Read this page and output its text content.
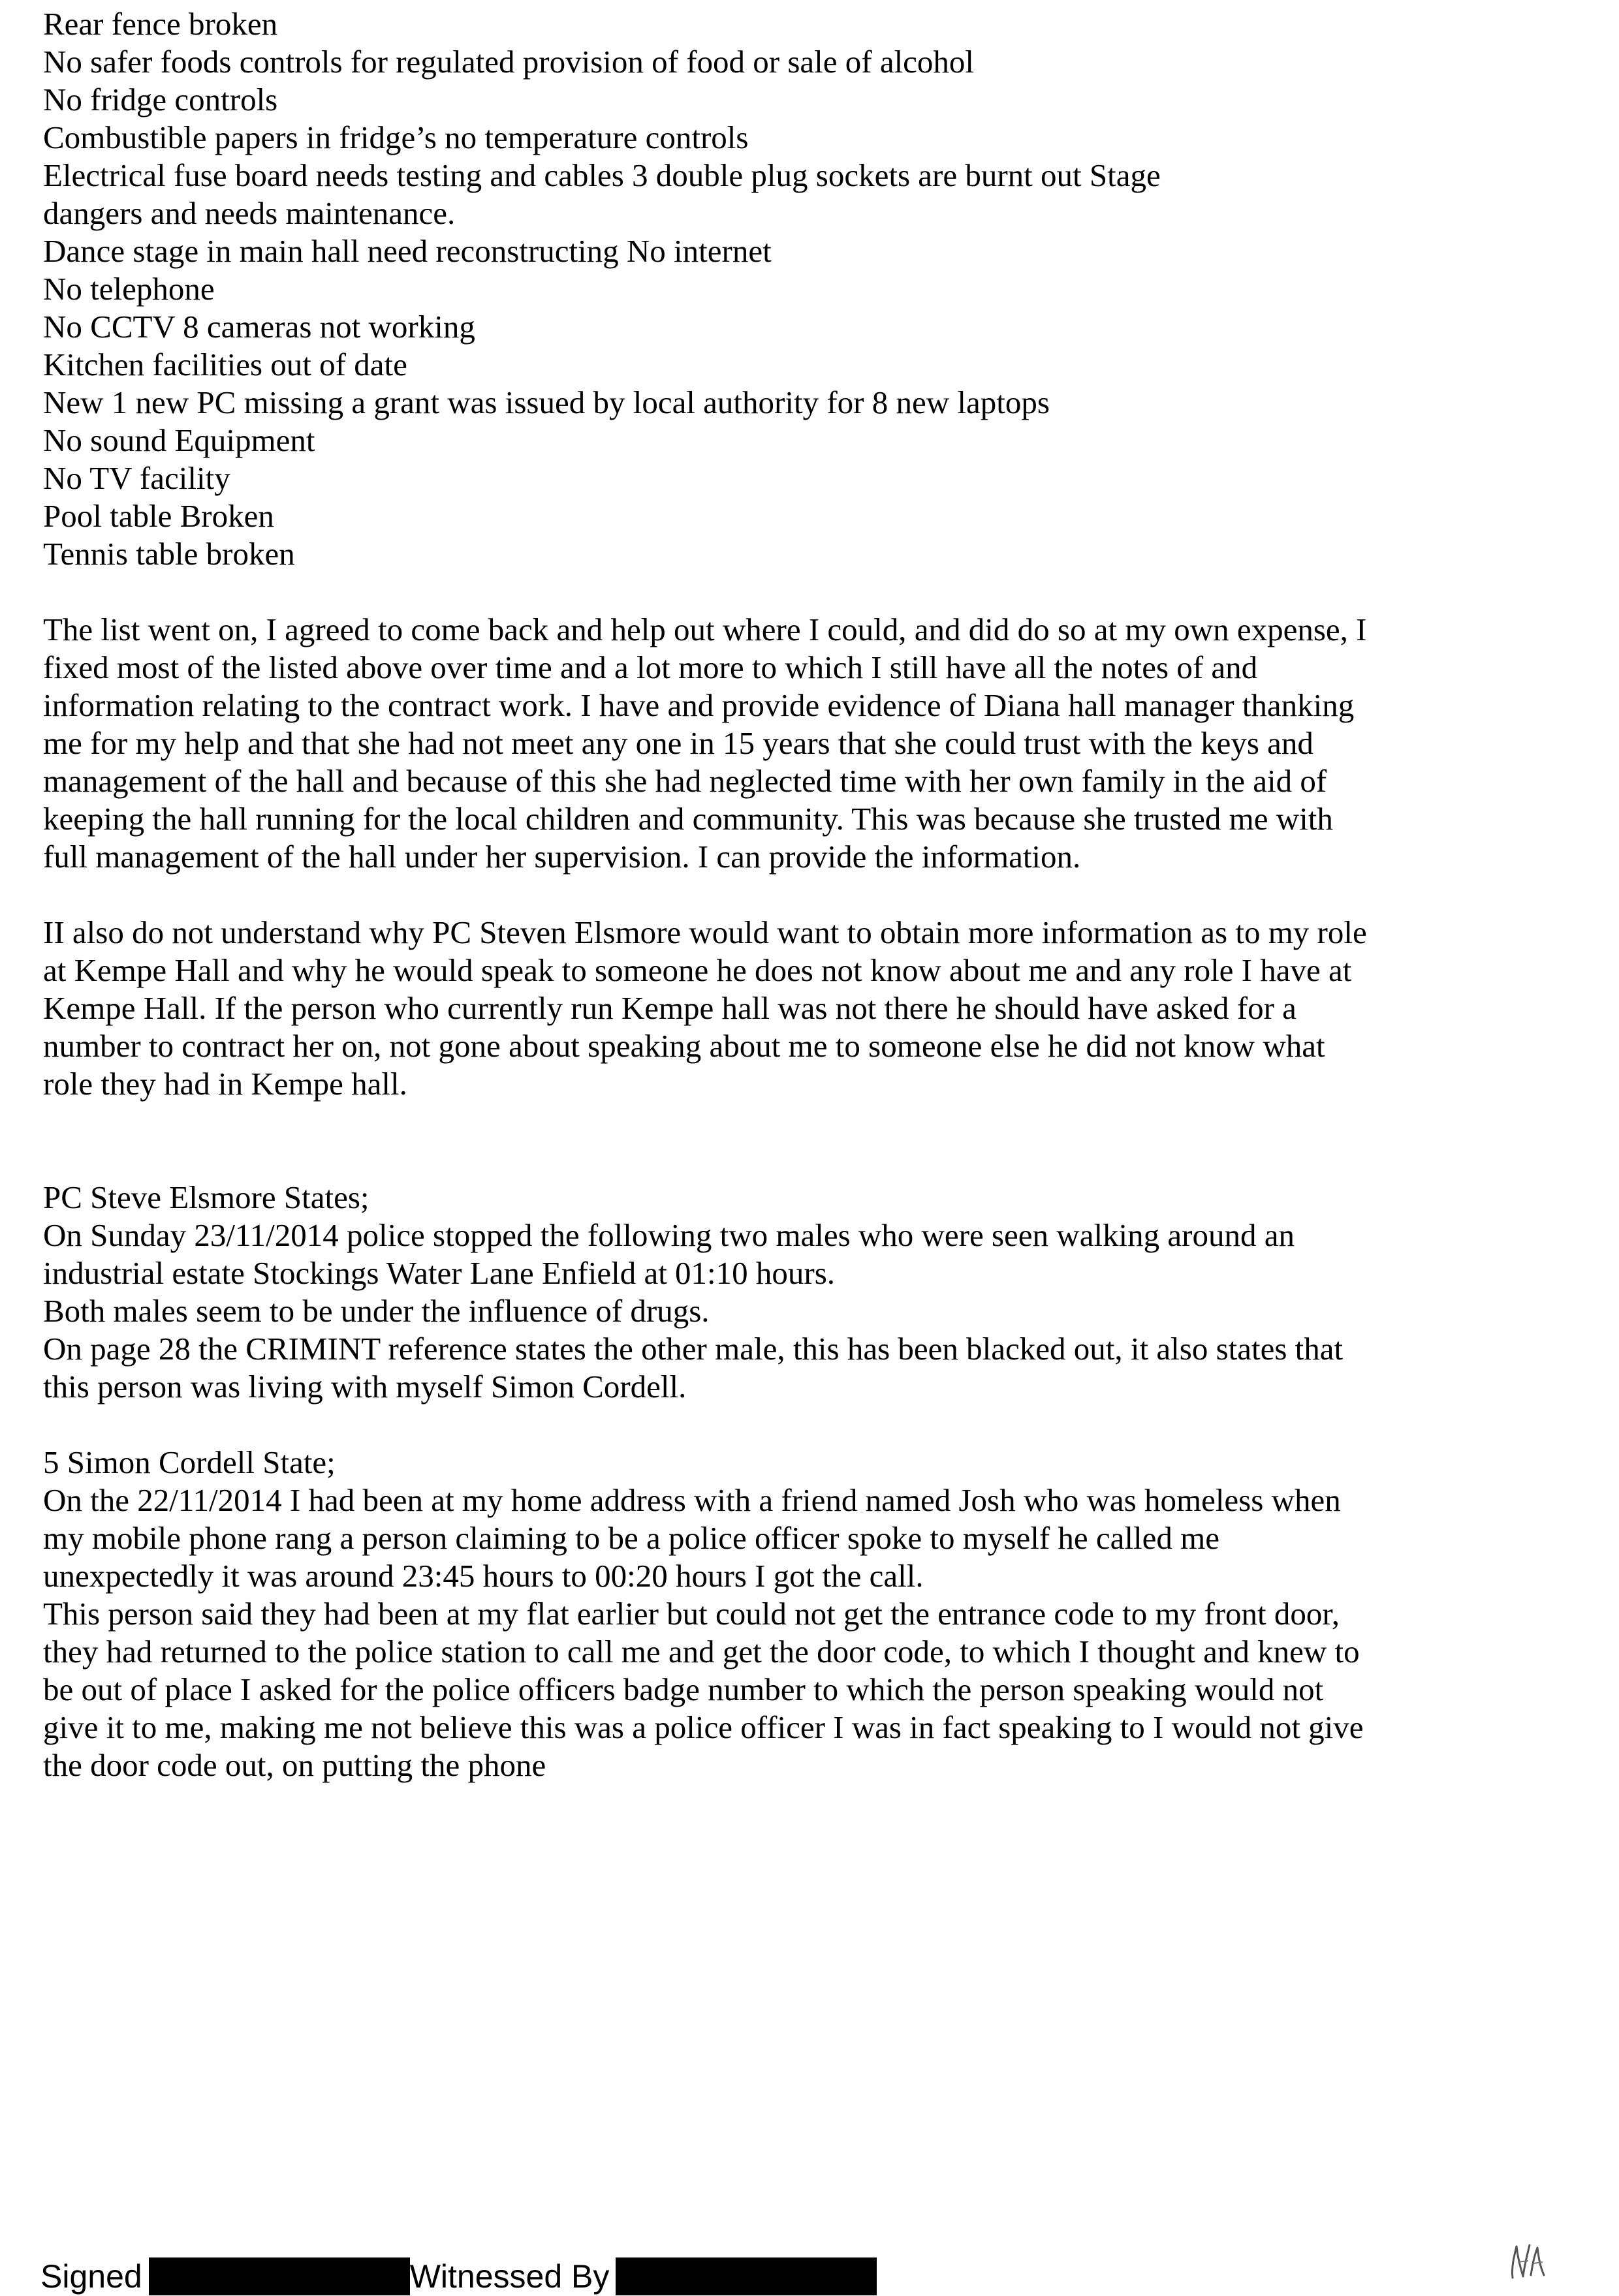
Rear fence broken
No safer foods controls for regulated provision of food or sale of alcohol
No fridge controls
Combustible papers in fridge’s no temperature controls
Electrical fuse board needs testing and cables 3 double plug sockets are burnt out Stage
dangers and needs maintenance.
Dance stage in main hall need reconstructing No internet
No telephone
No CCTV 8 cameras not working
Kitchen facilities out of date
New 1 new PC missing a grant was issued by local authority for 8 new laptops
No sound Equipment
No TV facility
Pool table Broken
Tennis table broken
The list went on, I agreed to come back and help out where I could, and did do so at my own expense, I
fixed most of the listed above over time and a lot more to which I still have all the notes of and
information relating to the contract work. I have and provide evidence of Diana hall manager thanking
me for my help and that she had not meet any one in 15 years that she could trust with the keys and
management of the hall and because of this she had neglected time with her own family in the aid of
keeping the hall running for the local children and community. This was because she trusted me with
full management of the hall under her supervision. I can provide the information.
II also do not understand why PC Steven Elsmore would want to obtain more information as to my role
at Kempe Hall and why he would speak to someone he does not know about me and any role I have at
Kempe Hall. If the person who currently run Kempe hall was not there he should have asked for a
number to contract her on, not gone about speaking about me to someone else he did not know what
role they had in Kempe hall.
PC Steve Elsmore States;
On Sunday 23/11/2014 police stopped the following two males who were seen walking around an
industrial estate Stockings Water Lane Enfield at 01:10 hours.
Both males seem to be under the influence of drugs.
On page 28 the CRIMINT reference states the other male, this has been blacked out, it also states that
this person was living with myself Simon Cordell.
5 Simon Cordell State;
On the 22/11/2014 I had been at my home address with a friend named Josh who was homeless when
my mobile phone rang a person claiming to be a police officer spoke to myself he called me
unexpectedly it was around 23:45 hours to 00:20 hours I got the call.
This person said they had been at my flat earlier but could not get the entrance code to my front door,
they had returned to the police station to call me and get the door code, to which I thought and knew to
be out of place I asked for the police officers badge number to which the person speaking would not
give it to me, making me not believe this was a police officer I was in fact speaking to I would not give
the door code out, on putting the phone
Signed	Witnessed By
